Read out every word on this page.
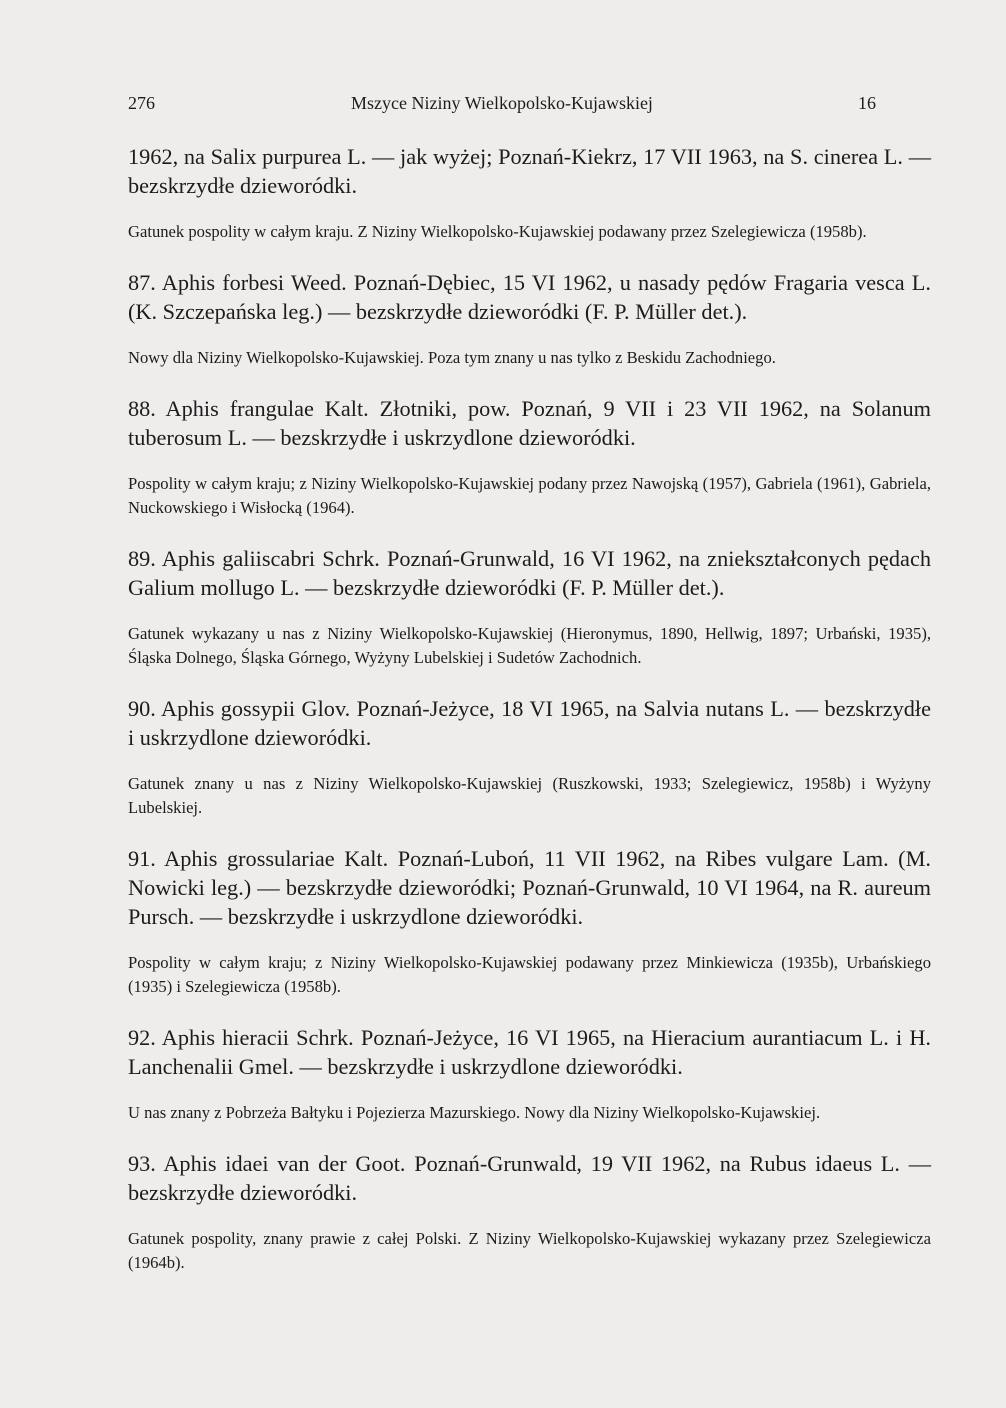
276	Mszyce Niziny Wielkopolsko-Kujawskiej	16

1962, na Salix purpurea L. — jak wyżej; Poznań-Kiekrz, 17 VII 1963, na S. cinerea L. — bezskrzydłe dzieworódki.

Gatunek pospolity w całym kraju. Z Niziny Wielkopolsko-Kujawskiej podawany przez Szelegiewicza (1958b).

87. Aphis forbesi Weed. Poznań-Dębiec, 15 VI 1962, u nasady pędów Fragaria vesca L. (K. Szczepańska leg.) — bezskrzydłe dzieworódki (F. P. Müller det.).

Nowy dla Niziny Wielkopolsko-Kujawskiej. Poza tym znany u nas tylko z Beskidu Zachodniego.

88. Aphis frangulae Kalt. Złotniki, pow. Poznań, 9 VII i 23 VII 1962, na Solanum tuberosum L. — bezskrzydłe i uskrzydlone dzieworódki.

Pospolity w całym kraju; z Niziny Wielkopolsko-Kujawskiej podany przez Nawojską (1957), Gabriela (1961), Gabriela, Nuckowskiego i Wisłocką (1964).

89. Aphis galiiscabri Schrk. Poznań-Grunwald, 16 VI 1962, na zniekształconych pędach Galium mollugo L. — bezskrzydłe dzieworódki (F. P. Müller det.).

Gatunek wykazany u nas z Niziny Wielkopolsko-Kujawskiej (Hieronymus, 1890, Hellwig, 1897; Urbański, 1935), Śląska Dolnego, Śląska Górnego, Wyżyny Lubelskiej i Sudetów Zachodnich.

90. Aphis gossypii Glov. Poznań-Jeżyce, 18 VI 1965, na Salvia nutans L. — bezskrzydłe i uskrzydlone dzieworódki.

Gatunek znany u nas z Niziny Wielkopolsko-Kujawskiej (Ruszkowski, 1933; Szelegiewicz, 1958b) i Wyżyny Lubelskiej.

91. Aphis grossulariae Kalt. Poznań-Luboń, 11 VII 1962, na Ribes vulgare Lam. (M. Nowicki leg.) — bezskrzydłe dzieworódki; Poznań-Grunwald, 10 VI 1964, na R. aureum Pursch. — bezskrzydłe i uskrzydlone dzieworódki.

Pospolity w całym kraju; z Niziny Wielkopolsko-Kujawskiej podawany przez Minkiewicza (1935b), Urbańskiego (1935) i Szelegiewicza (1958b).

92. Aphis hieracii Schrk. Poznań-Jeżyce, 16 VI 1965, na Hieracium aurantiacum L. i H. Lanchenalii Gmel. — bezskrzydłe i uskrzydlone dzieworódki.

U nas znany z Pobrzeża Bałtyku i Pojezierza Mazurskiego. Nowy dla Niziny Wielkopolsko-Kujawskiej.

93. Aphis idaei van der Goot. Poznań-Grunwald, 19 VII 1962, na Rubus idaeus L. — bezskrzydłe dzieworódki.

Gatunek pospolity, znany prawie z całej Polski. Z Niziny Wielkopolsko-Kujawskiej wykazany przez Szelegiewicza (1964b).
